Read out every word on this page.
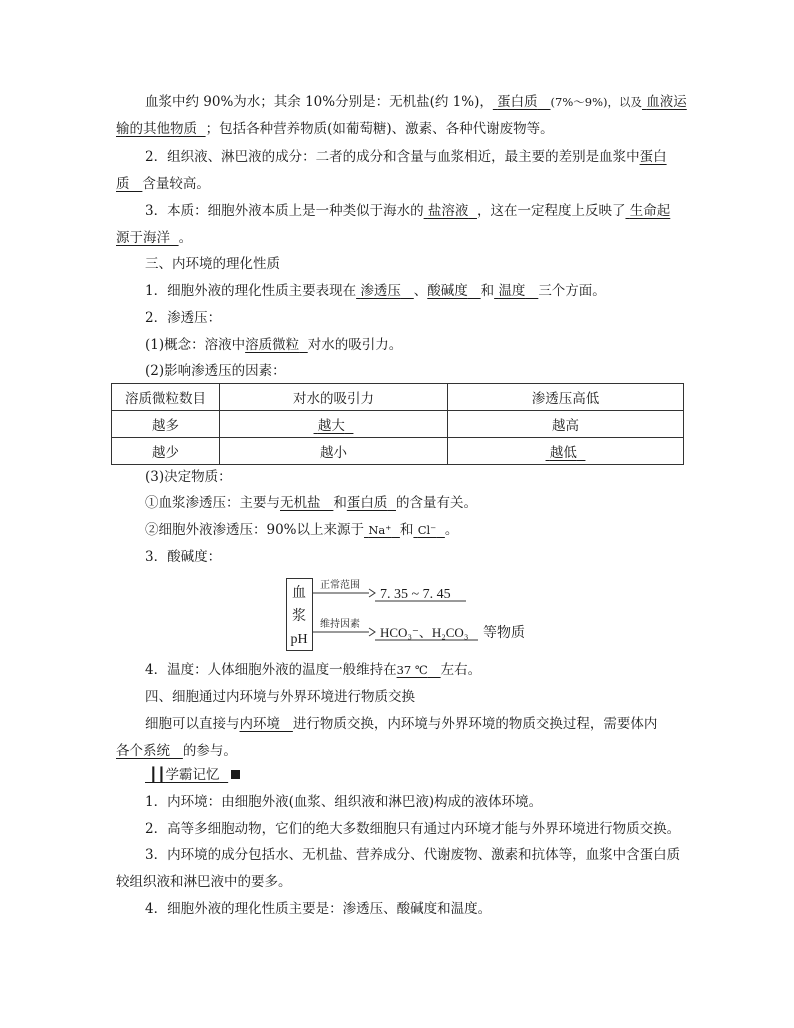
血浆中约 90%为水；其余 10%分别是：无机盐(约 1%)， 蛋白质 (7%～9%)，以及 血液运
输的其他物质 ；包括各种营养物质(如葡萄糖)、激素、各种代谢废物等。
2．组织液、淋巴液的成分：二者的成分和含量与血浆相近，最主要的差别是血浆中蛋白
质 含量较高。
3．本质：细胞外液本质上是一种类似于海水的 盐溶液 ，这在一定程度上反映了 生命起
源于海洋 。
三、内环境的理化性质
1．细胞外液的理化性质主要表现在 渗透压 、酸碱度 和 温度 三个方面。
2．渗透压：
(1)概念：溶液中溶质微粒 对水的吸引力。
(2)影响渗透压的因素：
溶质微粒数目	对水的吸引力	渗透压高低
越多	越大	越高
越少	越小	越低
(3)决定物质：
①血浆渗透压：主要与无机盐 和蛋白质 的含量有关。
②细胞外液渗透压：90%以上来源于 Na⁺ 和 Cl⁻ 。
3．酸碱度：
血
浆
pH
正常范围
7. 35 ~ 7. 45
维持因素
HCO₃⁻、H₂CO₃ 等物质
4．温度：人体细胞外液的温度一般维持在37 ℃ 左右。
四、细胞通过内环境与外界环境进行物质交换
细胞可以直接与内环境 进行物质交换，内环境与外界环境的物质交换过程，需要体内
各个系统 的参与。
┃┃学霸记忆
1．内环境：由细胞外液(血浆、组织液和淋巴液)构成的液体环境。
2．高等多细胞动物，它们的绝大多数细胞只有通过内环境才能与外界环境进行物质交换。
3．内环境的成分包括水、无机盐、营养成分、代谢废物、激素和抗体等，血浆中含蛋白质
较组织液和淋巴液中的要多。
4．细胞外液的理化性质主要是：渗透压、酸碱度和温度。
